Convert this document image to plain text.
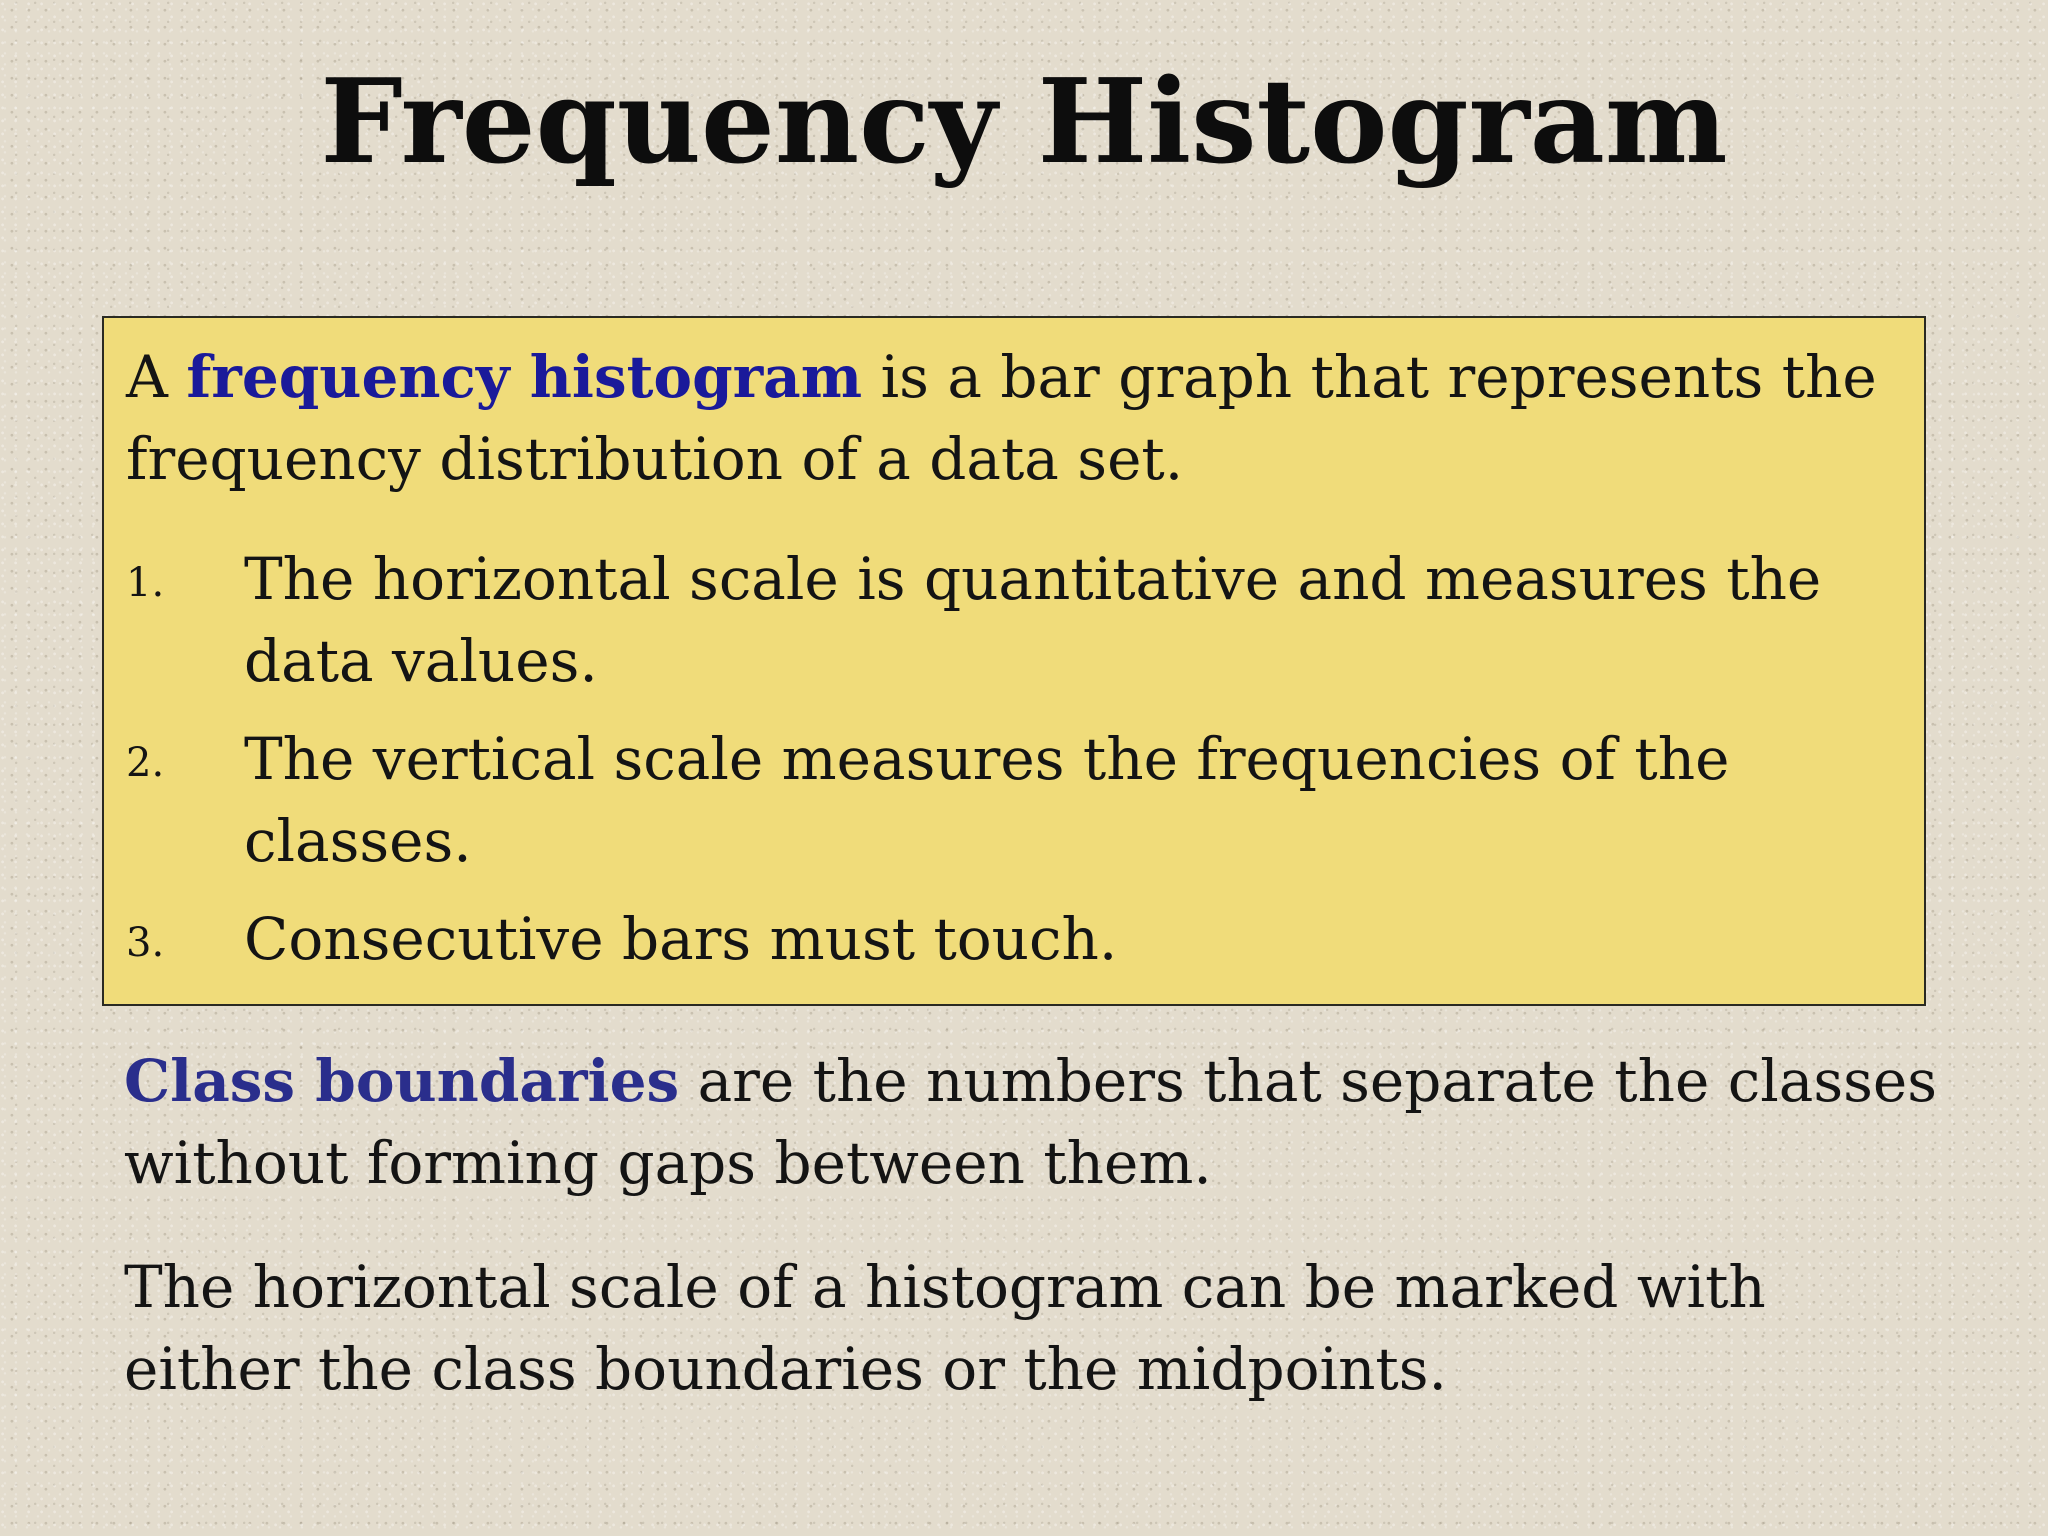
Frequency Histogram

A frequency histogram is a bar graph that represents the frequency distribution of a data set.

1. The horizontal scale is quantitative and measures the data values.
2. The vertical scale measures the frequencies of the classes.
3. Consecutive bars must touch.

Class boundaries are the numbers that separate the classes without forming gaps between them.

The horizontal scale of a histogram can be marked with either the class boundaries or the midpoints.
